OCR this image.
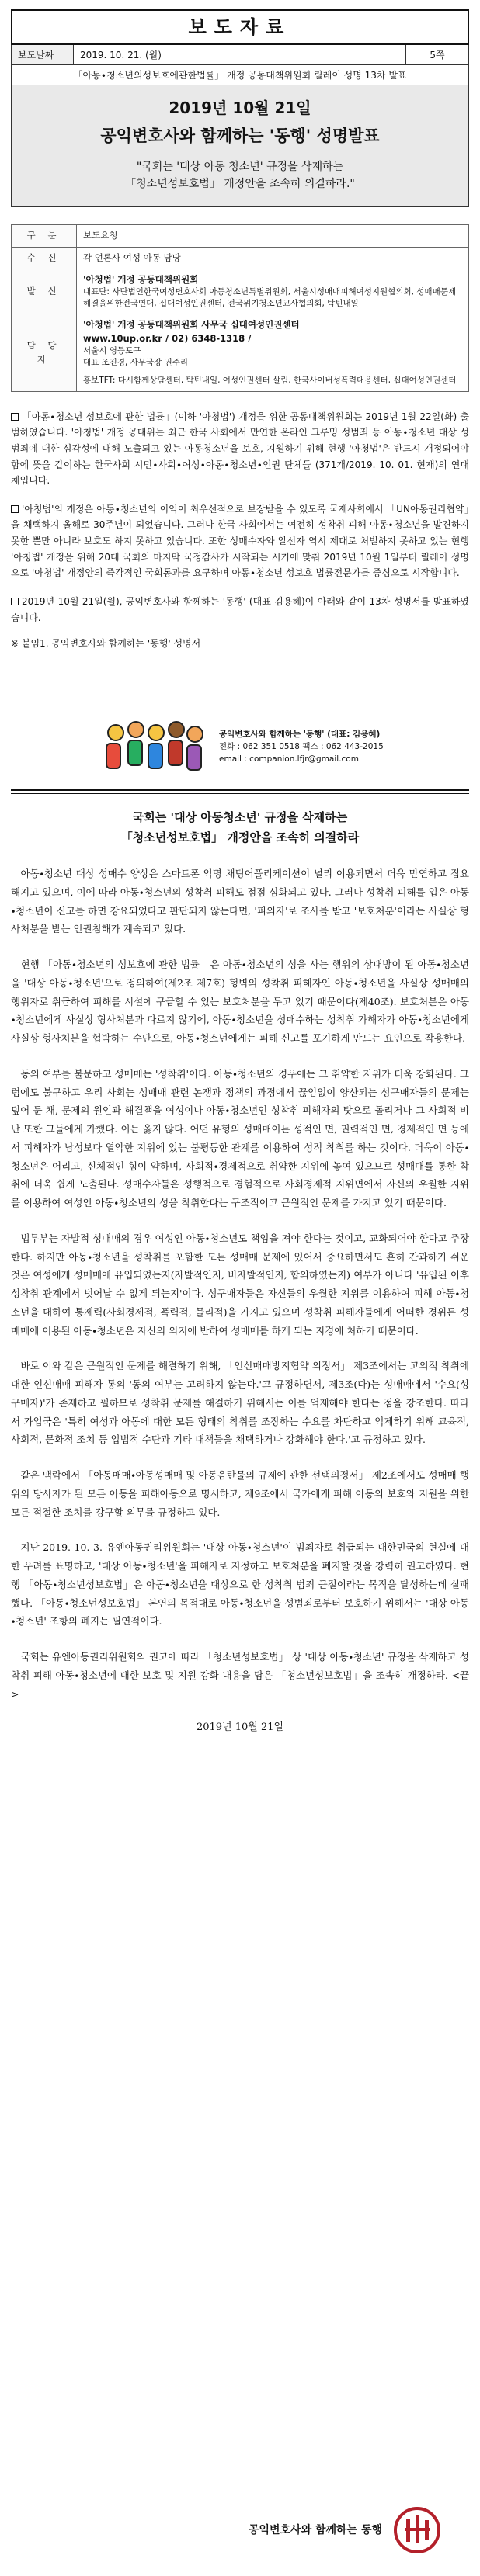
보도자료
보도날짜	2019. 10. 21. (월)	5쪽
「아동∙청소년의성보호에관한법률」 개정 공동대책위원회 릴레이 성명 13차 발표
2019년 10월 21일
공익변호사와 함께하는 '동행' 성명발표
"국회는 '대상 아동 청소년' 규정을 삭제하는
「청소년성보호법」 개정안을 조속히 의결하라."
구 분	보도요청
수 신	각 언론사 여성 아동 담당
발 신	'아청법' 개정 공동대책위원회
대표단: 사단법인한국여성변호사회 아동청소년특별위원회, 서울시성매매피해여성지원협의회, 성매매문제해결을위한전국연대, 십대여성인권센터, 전국위기청소년교사협의회, 탁틴내일

담 당 자	'아청법' 개정 공동대책위원회 사무국 십대여성인권센터
www.10up.or.kr / 02) 6348-1318 /
서울시 영등포구
대표 조진경, 사무국장 권주리
홍보TFT: 다시함께상담센터, 탁틴내일, 여성인권센터 살림, 한국사이버성폭력대응센터, 십대여성인권센터
「아동∙청소년 성보호에 관한 법률」(이하 '아청법') 개정을 위한 공동대책위원회는 2019년 1월 22일(화) 출범하였습니다. '아청법' 개정 공대위는 최근 한국 사회에서 만연한 온라인 그루밍 성범죄 등 아동∙청소년 대상 성범죄에 대한 심각성에 대해 노출되고 있는 아동청소년을 보호, 지원하기 위해 현행 '아청법'은 반드시 개정되어야 함에 뜻을 같이하는 한국사회 시민∙사회∙여성∙아동∙청소년∙인권 단체들 (371개/2019. 10. 01. 현재)의 연대체입니다.
'아청법'의 개정은 아동∙청소년의 이익이 최우선적으로 보장받을 수 있도록 국제사회에서 「UN아동권리협약」을 채택하지 올해로 30주년이 되었습니다. 그러나 한국 사회에서는 여전히 성착취 피해 아동∙청소년을 발견하지 못한 뿐만 아니라 보호도 하지 못하고 있습니다. 또한 성매수자와 알선자 역시 제대로 처벌하지 못하고 있는 현행 '아청법' 개정을 위해 20대 국회의 마지막 국정감사가 시작되는 시기에 맞춰 2019년 10월 1일부터 릴레이 성명으로 '아청법' 개정안의 즉각적인 국회통과를 요구하며 아동∙청소년 성보호 법률전문가를 중심으로 시작합니다.
2019년 10월 21일(월), 공익변호사와 함께하는 '동행' (대표 김용혜)이 아래와 같이 13차 성명서를 발표하였습니다.
※ 붙임1. 공익변호사와 함께하는 '동행' 성명서
공익변호사와 함께하는 '동행' (대표: 김용혜)
전화 : 062 351 0518 팩스 : 062 443-2015
email : companion.lfjr@gmail.com
국회는 '대상 아동청소년' 규정을 삭제하는
「청소년성보호법」 개정안을 조속히 의결하라

아동∙청소년 대상 성매수 양상은 스마트폰 익명 채팅어플리케이션이 널리 이용되면서 더욱 만연하고 집요해지고 있으며, 이에 따라 아동∙청소년의 성착취 피해도 점점 심화되고 있다. 그러나 성착취 피해를 입은 아동∙청소년이 신고를 하면 강요되었다고 판단되지 않는다면, '피의자'로 조사를 받고 '보호처분'이라는 사실상 형사처분을 받는 인권침해가 계속되고 있다.

현행 「아동∙청소년의 성보호에 관한 법률」은 아동∙청소년의 성을 사는 행위의 상대방이 된 아동∙청소년을 '대상 아동∙청소년'으로 정의하여(제2조 제7호) 형벽의 성착취 피해자인 아동∙청소년을 사실상 성매매의 행위자로 취급하여 피해를 시설에 구금할 수 있는 보호처분을 두고 있기 때문이다(제40조). 보호처분은 아동∙청소년에게 사실상 형사처분과 다르지 않기에, 아동∙청소년을 성매수하는 성착취 가해자가 아동∙청소년에게 사실상 형사처분을 협박하는 수단으로, 아동∙청소년에게는 피해 신고를 포기하게 만드는 요인으로 작용한다.

동의 여부를 불문하고 성매매는 '성착취'이다. 아동∙청소년의 경우에는 그 취약한 지위가 더욱 강화된다. 그럼에도 불구하고 우리 사회는 성매매 관련 논쟁과 정책의 과정에서 끊임없이 양산되는 성구매자들의 문제는 덮어 둔 채, 문제의 원인과 해결책을 여성이나 아동∙청소년인 성착취 피해자의 탓으로 돌리거나 그 사회적 비난 또한 그들에게 가했다. 이는 옳지 않다. 어떤 유형의 성매매이든 성적인 면, 권력적인 면, 경제적인 면 등에서 피해자가 남성보다 열악한 지위에 있는 불평등한 관계를 이용하여 성적 착취를 하는 것이다. 더욱이 아동∙청소년은 어리고, 신체적인 힘이 약하며, 사회적∙경제적으로 취약한 지위에 놓여 있으므로 성매매를 통한 착취에 더욱 쉽게 노출된다. 성매수자들은 성행적으로 경험적으로 사회경제적 지위면에서 자신의 우월한 지위를 이용하여 여성인 아동∙청소년의 성을 착취한다는 구조적이고 근원적인 문제를 가지고 있기 때문이다.

법무부는 자발적 성매매의 경우 여성인 아동∙청소년도 책임을 져야 한다는 것이고, 교화되어야 한다고 주장한다. 하지만 아동∙청소년을 성착취를 포함한 모든 성매매 문제에 있어서 중요하면서도 흔히 간과하기 쉬운 것은 여성에게 성매매에 유입되었는지(자발적인지, 비자발적인지, 합의하였는지) 여부가 아니다 '유입된 이후 성착취 관계에서 벗어날 수 없게 되는지'이다. 성구매자들은 자신들의 우월한 지위를 이용하여 피해 아동∙청소년을 대하여 통제력(사회경제적, 폭력적, 물리적)을 가지고 있으며 성착취 피해자들에게 어떠한 경위든 성매매에 이용된 아동∙청소년은 자신의 의지에 반하여 성매매를 하게 되는 지경에 처하기 때문이다.

바로 이와 같은 근원적인 문제를 해결하기 위해, 「인신매매방지협약 의정서」 제3조에서는 고의적 착취에 대한 인신매매 피해자 통의 '동의 여부는 고려하지 않는다.'고 규정하면서, 제3조(다)는 성매매에서 '수요(성구매자)'가 존재하고 필하므로 성착취 문제를 해결하기 위해서는 이를 억제해야 한다는 점을 강조한다. 따라서 가입국은 '특히 여성과 아동에 대한 모든 형태의 착취를 조장하는 수요를 차단하고 억제하기 위해 교육적, 사회적, 문화적 조치 등 입법적 수단과 기타 대책들을 채택하거나 강화해야 한다.'고 규정하고 있다.

같은 맥락에서 「아동매매∙아동성매매 및 아동음란물의 규제에 관한 선택의정서」 제2조에서도 성매매 행위의 당사자가 된 모든 아동을 피해아동으로 명시하고, 제9조에서 국가에게 피해 아동의 보호와 지원을 위한 모든 적절한 조치를 강구할 의무를 규정하고 있다.

지난 2019. 10. 3. 유엔아동권리위원회는 '대상 아동∙청소년'이 범죄자로 취급되는 대한민국의 현실에 대한 우려를 표명하고, '대상 아동∙청소년'을 피해자로 지정하고 보호처분을 폐지할 것을 강력히 권고하였다. 현행 「아동∙청소년성보호법」은 아동∙청소년을 대상으로 한 성착취 범죄 근절이라는 목적을 달성하는데 실패했다. 「아동∙청소년성보호법」 본연의 목적대로 아동∙청소년을 성범죄로부터 보호하기 위해서는 '대상 아동∙청소년' 조항의 폐지는 필연적이다.

국회는 유엔아동권리위원회의 권고에 따라 「청소년성보호법」 상 '대상 아동∙청소년' 규정을 삭제하고 성착취 피해 아동∙청소년에 대한 보호 및 지원 강화 내용을 담은 「청소년성보호법」을 조속히 개정하라. <끝>

2019년 10월 21일
공익변호사와 함께하는 동행
